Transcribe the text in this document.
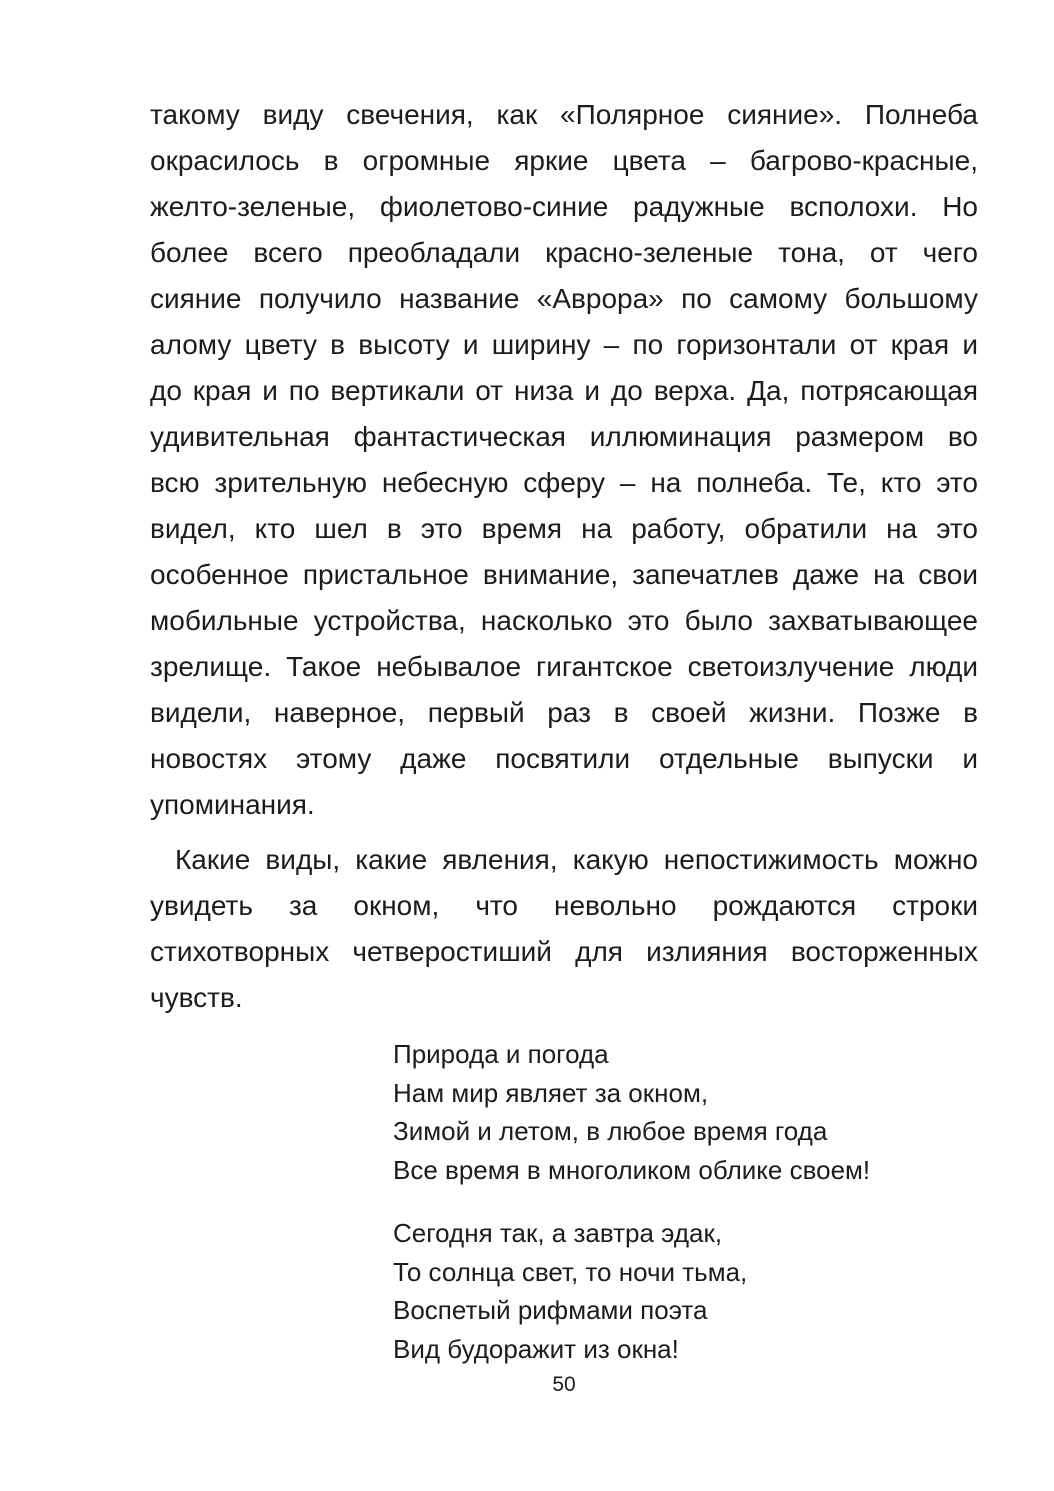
такому виду свечения, как «Полярное сияние». Полнеба
окрасилось в огромные яркие цвета – багрово-красные,
желто-зеленые, фиолетово-синие радужные всполохи. Но
более всего преобладали красно-зеленые тона, от чего
сияние получило название «Аврора» по самому большому
алому цвету в высоту и ширину – по горизонтали от края и
до края и по вертикали от низа и до верха. Да, потрясающая
удивительная фантастическая иллюминация размером во
всю зрительную небесную сферу – на полнеба. Те, кто это
видел, кто шел в это время на работу, обратили на это
особенное пристальное внимание, запечатлев даже на свои
мобильные устройства, насколько это было захватывающее
зрелище. Такое небывалое гигантское светоизлучение люди
видели, наверное, первый раз в своей жизни. Позже в
новостях этому даже посвятили отдельные выпуски и
упоминания.
Какие виды, какие явления, какую непостижимость можно
увидеть за окном, что невольно рождаются строки
стихотворных четверостиший для излияния восторженных
чувств.
Природа и погода
Нам мир являет за окном,
Зимой и летом, в любое время года
Все время в многоликом облике своем!
Сегодня так, а завтра эдак,
То солнца свет, то ночи тьма,
Воспетый рифмами поэта
Вид будоражит из окна!
50
